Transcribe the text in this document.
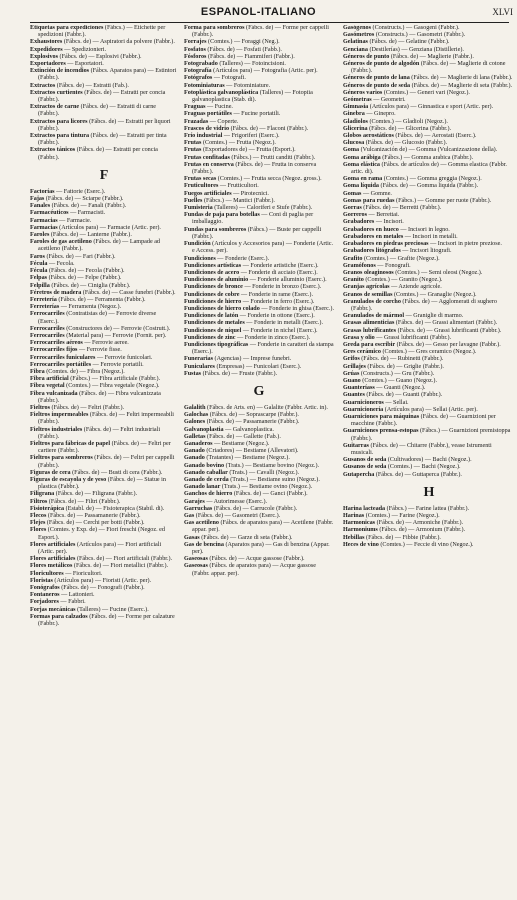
ESPANOL-ITALIANO	XLVI

Etiquetas para expediciones (Fábcs.) — Etichette per spedizioni (Fabbr.).

Exhaustores (Fábcs. de) — Aspiratori da polvere (Fabbr.).

Expedidores — Spedizionieri.

Explosivos (Fábcs. de) — Esplosivi (Fabbr.).

Exportadores — Esportatori.

Extinción de incendios (Fábcs. Aparatos para) — Estintori (Fabbr.).

Extractos (Fábcs. de) — Estratti (Fab.).

Extractos curtientes (Fábcs. de) — Estratti per concia (Fabbr.).

Extractos de carne (Fábcs. de) — Estratti di carne (Fabbr.).

Extractos para licores (Fábcs. de) — Estratti per liquori (Fabbr.).

Extractos para tintura (Fábcs. de) — Estratti per tinta (Fabbr.).

Extractos tánicos (Fábcs. de) — Estratti per concia (Fabbr.).

F

Factorías — Fattorie (Eserc.).

Fajas (Fábcs. de) — Sciarpe (Fabbr.).

Fanales (Fábcs. de) — Fanali (Fabbr.).

Farmacéuticos — Farmacisti.

Farmacias — Farmacie.

Farmacias (Artículos para) — Farmacie (Artic. per).

Faroles (Fábcs. de) — Lanterne (Fabbr.).

Faroles de gas acetileno (Fábcs. de) — Lampade ad acetileno (Fabbr.).

Faros (Fábcs. de) — Fari (Fabbr.).

Fécula — Fecola.

Fécula (Fábcs. de) — Fecola (Fabbr.).

Felpas (Fábcs. de) — Felpe (Fabbr.).

Felpilla (Fábcs. de) — Ciniglia (Fabbr.).

Féretros de madera (Fábcs. de) — Casse funebri (Fabbr.).

Ferretería (Fábcs. de) — Ferramenta (Fabbr.).

Ferreterías — Ferramenta (Negoz.).

Ferrocarriles (Contratistas de) — Ferrovie diverse (Eserc.).

Ferrocarriles (Constructores de) — Ferrovie (Costrutt.).

Ferrocarriles (Material para) — Ferrovie (Fornit. per).

Ferrocarriles aéreos — Ferrovie aeree.

Ferrocarriles fijos — Ferrovie fisse.

Ferrocarriles funiculares — Ferrovie funicolari.

Ferrocarriles portátiles — Ferrovie portatili.

Fibra (Comtes. de) — Fibra (Negoz.).

Fibra artificial (Fábcs.) — Fibra artificiale (Fabbr.).

Fibra vegetal (Comtes.) — Fibra vegetale (Negoz.).

Fibra vulcanizada (Fábcs. de) — Fibra vulcanizzata (Fabbr.).

Fieltros (Fábcs. de) — Feltri (Fabbr.).

Fieltros impermeables (Fábcs. de) — Feltri impermeabili (Fabbr.).

Fieltros industriales (Fábcs. de) — Feltri industriali (Fabbr.).

Fieltros para fábricas de papel (Fábcs. de) — Feltri per cartiere (Fabbr.).

Fieltros para sombreros (Fábcs. de) — Feltri per cappelli (Fabbr.).

Figuras de cera (Fábcs. de) — Busti di cera (Fabbr.).

Figuras de escayola y de yeso (Fábcs. de) — Statue in plastica (Fabbr.).

Filigrana (Fábcs. de) — Filigrana (Fabbr.).

Filtros (Fábcs. de) — Filtri (Fabbr.).

Fisioterápica (Establ. de) — Fisioterapica (Stabil. di).

Flecos (Fábcs. de) — Passamanerie (Fabbr.).

Flejes (Fábcs. de) — Cerchi per botti (Fabbr.).

Flores (Comtes. y Exp. de) — Fiori freschi (Negoz. ed Esport.).

Flores artificiales (Artículos para) — Fiori artificiali (Artic. per).

Flores artificiales (Fábcs. de) — Fiori artificiali (Fabbr.).

Flores metálicos (Fábcs. de) — Fiori metallici (Fabbr.).

Floricultores — Fioricultori.

Floristas (Artículos para) — Fioristi (Artic. per).

Fonógrafos (Fábcs. de) — Fonografi (Fabbr.).

Fontaneros — Lattonieri.

Forjadores — Fabbri.

Forjas mecánicas (Talleres) — Fucine (Eserc.).

Formas para calzados (Fábcs. de) — Forme per calzature (Fabbr.).

Forma para sombreros (Fábcs. de) — Forme per cappelli (Fabbr.).

Forrajes (Comtes.) — Foraggi (Neg.).

Fosfatos (Fábcs. de) — Fosfati (Fabb.).

Fósforos (Fábcs. de) — Fiammiferi (Fabbr.).

Fotograbado (Talleres) — Fotoincisioni.

Fotografía (Artículos para) — Fotografia (Artic. per).

Fotógrafos — Fotografi.

Fotominiaturas — Fotominiature.

Fotoplástica galvanoplástica (Talleres) — Fotopiia galvanoplastica (Stab. di).

Fraguas — Fucine.

Fraguas portátiles — Fucine portatili.

Frazadas — Coperte.

Frascos de vidrio (Fábcs. de) — Flaconi (Fabbr.).

Frío industrial — Frigoriferi (Eserc.).

Frutas (Comtes.) — Frutta (Negoz.).

Frutas (Exportadores de) — Frutta (Esport.).

Frutas confitadas (Fábcs.) — Frutti canditi (Fabbr.).

Frutas en conserva (Fábcs. de) — Frutta in conserva (Fabbr.).

Frutas secas (Comtes.) — Frutta secca (Negoz. gross.).

Fruticultores — Frutticultori.

Fuegos artificiales — Pirotecnici.

Fuelles (Fábcs.) — Mantici (Fabbr.).

Fumisteria (Talleres) — Caloriferi e Stufe (Fabbr.).

Fundas de paja para botellas — Coni di paglia per imballaggio.

Fundas para sombreros (Fábcs.) — Buste per cappelli (Fabbr.).

Fundición (Artículos y Accesorios para) — Fonderie (Artic. e Access. per).

Fundiciones — Fonderie (Eserc.).

Fundiciones artísticas — Fonderie artistiche (Eserc.).

Fundiciones de acero — Fonderie di acciaio (Eserc.).

Fundiciones de aluminio — Fonderie alluminio (Eserc.).

Fundiciones de bronce — Fonderie in bronzo (Eserc.).

Fundiciones de cobre — Fonderie in rame (Eserc.).

Fundiciones de hierro — Fonderie in ferro (Eserc.).

Fundiciones de hierro colado — Fonderie in ghisa (Eserc.).

Fundiciones de latón — Fonderie in ottone (Eserc.).

Fundiciones de metales — Fonderie in metalli (Eserc.).

Fundiciones de níquel — Fonderie in nichel (Eserc.).

Fundiciones de zinc — Fonderie in zinco (Eserc.).

Fundiciones tipográficas — Fonderie in caratteri da stampa (Eserc.).

Funerarias (Agencias) — Imprese funebri.

Funiculares (Empresas) — Funicolari (Eserc.).

Fustas (Fábcs. de) — Fruste (Fabbr.).

G

Galalith (Fábcs. de Arts. en) — Galalite (Fabbr. Artic. in).

Galochas (Fábcs. de) — Soprascarpe (Fabbr.).

Galones (Fábcs. de) — Passamanerie (Fabbr.).

Galvanoplastia — Galvanoplastica.

Galletas (Fábcs. de) — Gallette (Fab.).

Ganaderos — Bestiame (Negoz.).

Ganado (Criadores) — Bestiame (Allevatori).

Ganado (Tratantes) — Bestiame (Negoz.).

Ganado bovino (Trats.) — Bestiame bovino (Negoz.).

Ganado caballar (Trats.) — Cavalli (Negoz.).

Ganado de cerda (Trats.) — Bestiame suino (Negoz.).

Ganado lanar (Trats.) — Bestiame ovino (Negoz.).

Ganchos de hierro (Fábcs. de) — Ganci (Fabbr.).

Garajes — Autorimesse (Eserc.).

Garruchas (Fábcs. de) — Carrucole (Fabbr.).

Gas (Fábcs. de) — Gasometri (Eserc.).

Gas acetileno (Fábcs. de aparatos para) — Acetilene (Fabbr. appar. per).

Gasas (Fábcs. de) — Garze di seta (Fabbr.).

Gas de bencina (Aparatos para) — Gas di benzina (Appar. per).

Gaseosas (Fábcs. de) — Acque gassose (Fabbr.).

Gaseosas (Fábcs. de aparatos para) — Acque gassose (Fabbr. appar. per).

Gasógenos (Constructs.) — Gasogeni (Fabbr.).

Gasómetros (Constructs.) — Gasometri (Fabbr.).

Gelatinas (Fábcs. de) — Gelatine (Fabbr.).

Genciana (Destilerías) — Genziana (Distillerie).

Géneros de punto (Fábcs. de) — Maglierie (Fabbr.).

Géneros de punto de algodón (Fábcs. de) — Maglierie di cotone (Fabbr.).

Géneros de punto de lana (Fábcs. de) — Maglierie di lana (Fabbr.).

Géneros de punto de seda (Fábcs. de) — Maglierie di seta (Fabbr.).

Géneros varios (Comtes.) — Generi vari (Negoz.).

Geómetras — Geometri.

Gimnasia (Artículos para) — Ginnastica e sport (Artic. per).

Ginebra — Ginepro.

Gladiolos (Comtes.) — Gladioli (Negoz.).

Glicerina (Fábcs. de) — Glicerina (Fabbr.).

Globos aerostáticos (Fábcs. de) — Aerostati (Eserc.).

Glucosa (Fábcs. de) — Glucosio (Fabbr.).

Goma (Vulcanización de) — Gomma (Vulcanizzazione della).

Goma arábiga (Fábcs.) — Gomma arabica (Fabbr.).

Goma elástica (Fábcs. de artículos de) — Gomma elastica (Fabbr. artic. di).

Goma en rama (Comtes.) — Gomma greggia (Negoz.).

Goma líquida (Fábcs. de) — Gomma liquida (Fabbr.).

Gomas — Gomme.

Gomas para ruedas (Fábcs.) — Gomme per ruote (Fabbr.).

Gorras (Fábcs. de) — Berretti (Fabbr.).

Gorreros — Berrettai.

Grabadores — Incisori.

Grabadores en hueco — Incisori in legno.

Grabadores en metales — Incisori in metalli.

Grabadores en piedras preciosas — Incisori in pietre preziose.

Grabadores litógrafos — Incisori litografi.

Grafito (Comtes.) — Grafite (Negoz.).

Gramófonos — Fonografi.

Granos oleaginosos (Comtes.) — Semi oleosi (Negoz.).

Granito (Comtes.) — Granito (Negoz.).

Granjas agrícolas — Aziende agricole.

Granos de semillas (Comtes.) — Granaglie (Negoz.).

Granulados de corcho (Fábcs. de) — Agglomerati di sughero (Fabbr.).

Granulados de mármol — Graniglie di marmo.

Grasas alimenticias (Fábcs. de) — Grassi alimentari (Fabbr.).

Grasas lubrificantes (Fábcs. de) — Grassi lubrificanti (Fabbr.).

Grasa y olio — Grassi lubrificanti (Fabbr.).

Greda para escribir (Fábcs. de) — Gesso per lavagne (Fabbr.).

Gres cerámico (Comtes.) — Gres ceramico (Negoz.).

Grifos (Fábcs. de) — Rubinetti (Fabbr.).

Grillajes (Fábcs. de) — Griglie (Fabbr.).

Grúas (Constructs.) — Gru (Fabbr.).

Guano (Comtes.) — Guano (Negoz.).

Guanteríass — Guanti (Negoz.).

Guantes (Fábcs. de) — Guanti (Fabbr.).

Guarnicioneros — Sellai.

Guarnicionería (Artículos para) — Sellai (Artic. per).

Guarniciones para máquinas (Fábcs. de) — Guarnizioni per macchine (Fabbr.).

Guarniciones prensa-estopas (Fábcs.) — Guarnizioni premistoppa (Fabbr.).

Guitarras (Fábcs. de) — Chitarre (Fabbr.), vease Istrumenti musicali.

Gusanos de seda (Cultivadores) — Bachi (Negoz.).

Gusanos de seda (Comtes.) — Bachi (Negoz.).

Gutapercha (Fábcs. de) — Guttaperca (Fabbr.).

H

Harina lacteada (Fábcs.) — Farine lattea (Fabbr.).

Harinas (Comtes.) — Farine (Negoz.).

Harmonicas (Fábcs. de) — Armoniche (Fabbr.).

Harmoniums (Fábcs. de) — Armonium (Fabbr.).

Hebillas (Fábcs. de) — Fibbie (Fabbr.).

Heces de vino (Comtes.) — Feccie di vino (Negoz.).
